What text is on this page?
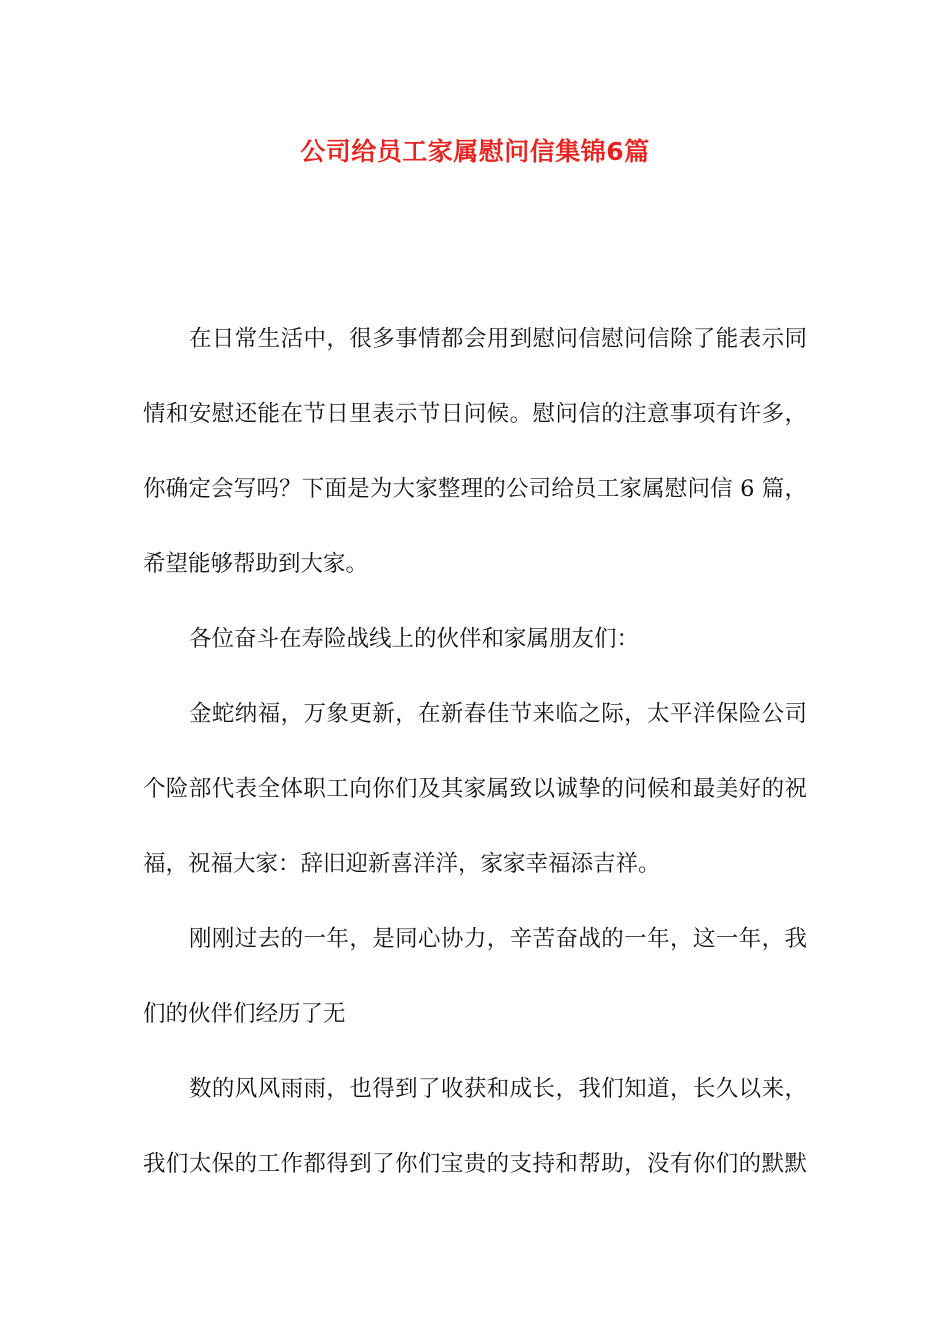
公司给员工家属慰问信集锦6篇
在日常生活中，很多事情都会用到慰问信慰问信除了能表示同
情和安慰还能在节日里表示节日问候。慰问信的注意事项有许多，
你确定会写吗？下面是为大家整理的公司给员工家属慰问信 6 篇，
希望能够帮助到大家。
各位奋斗在寿险战线上的伙伴和家属朋友们：
金蛇纳福，万象更新，在新春佳节来临之际，太平洋保险公司
个险部代表全体职工向你们及其家属致以诚挚的问候和最美好的祝
福，祝福大家：辞旧迎新喜洋洋，家家幸福添吉祥。
刚刚过去的一年，是同心协力，辛苦奋战的一年，这一年，我
们的伙伴们经历了无
数的风风雨雨，也得到了收获和成长，我们知道，长久以来，
我们太保的工作都得到了你们宝贵的支持和帮助，没有你们的默默
